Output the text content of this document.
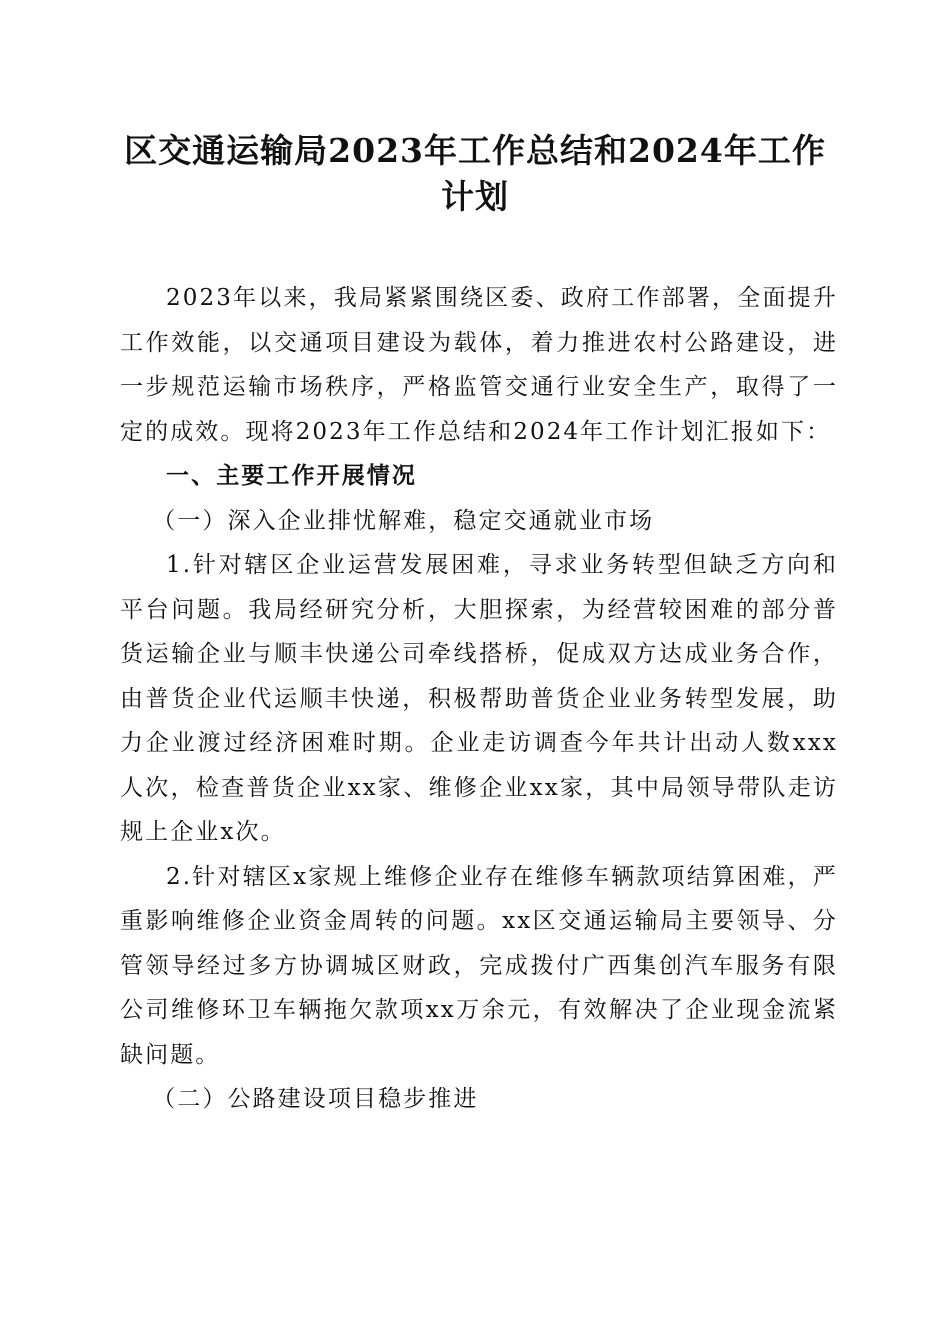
区交通运输局2023年工作总结和2024年工作
计划

2023年以来，我局紧紧围绕区委、政府工作部署，全面提升工作效能，以交通项目建设为载体，着力推进农村公路建设，进一步规范运输市场秩序，严格监管交通行业安全生产，取得了一定的成效。现将2023年工作总结和2024年工作计划汇报如下：

一、主要工作开展情况

（一）深入企业排忧解难，稳定交通就业市场

1.针对辖区企业运营发展困难，寻求业务转型但缺乏方向和平台问题。我局经研究分析，大胆探索，为经营较困难的部分普货运输企业与顺丰快递公司牵线搭桥，促成双方达成业务合作，由普货企业代运顺丰快递，积极帮助普货企业业务转型发展，助力企业渡过经济困难时期。企业走访调查今年共计出动人数xxx人次，检查普货企业xx家、维修企业xx家，其中局领导带队走访规上企业x次。

2.针对辖区x家规上维修企业存在维修车辆款项结算困难，严重影响维修企业资金周转的问题。xx区交通运输局主要领导、分管领导经过多方协调城区财政，完成拨付广西集创汽车服务有限公司维修环卫车辆拖欠款项xx万余元，有效解决了企业现金流紧缺问题。

（二）公路建设项目稳步推进
